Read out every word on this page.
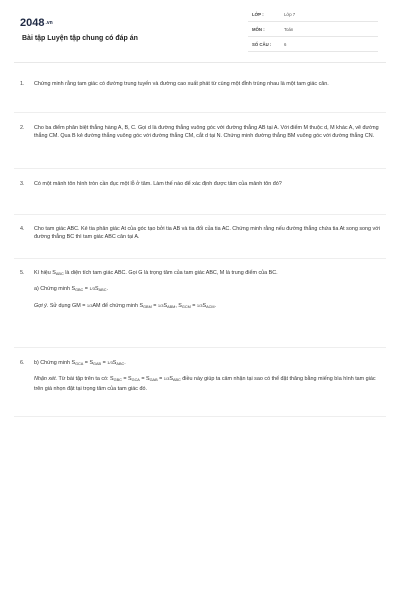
2048.vn
Bài tập Luyện tập chung có đáp án
LỚP :	Lớp 7
MÔN :	Toán
SỐ CÂU :	6
1.	Chứng minh rằng tam giác có đường trung tuyến và đường cao xuất phát từ cùng một đỉnh trùng nhau là một tam giác cân.

2.	Cho ba điểm phân biệt thẳng hàng A, B, C. Gọi d là đường thẳng vuông góc với đường thẳng AB tại A. Với điểm M thuộc d, M khác A, vẽ đường thẳng CM. Qua B kẻ đường thẳng vuông góc với đường thẳng CM, cắt d tại N. Chứng minh đường thẳng BM vuông góc với đường thẳng CN.

3.	Có một mảnh tôn hình tròn cần đục một lỗ ở tâm. Làm thế nào để xác định được tâm của mảnh tôn đó?

4.	Cho tam giác ABC. Kẻ tia phân giác At của góc tạo bởi tia AB và tia đối của tia AC. Chứng minh rằng nếu đường thẳng chứa tia At song song với đường thẳng BC thì tam giác ABC cân tại A.

5.	Kí hiệu $S_{ABC}$ là diện tích tam giác ABC. Gọi G là trọng tâm của tam giác ABC, M là trung điểm của BC.

a) Chứng minh $S_{GBC} = 1/3S_{ABC}$.

Gợi ý. Sử dụng GM = 1/3AM để chứng minh $S_{GBM} = 1/3S_{ABM}$, $S_{GCM} = 1/3S_{ACM}$.

6.	b) Chứng minh $S_{GCA} = S_{GAB} = 1/3S_{ABC}$.

Nhận xét. Từ bài tập trên ta có: $S_{GBC} = S_{GCA} = S_{GAB} = 1/3S_{ABC}$ điều này giúp ta cảm nhận tại sao có thể đặt thăng bằng miếng bìa hình tam giác trên giá nhọn đặt tại trọng tâm của tam giác đó.
